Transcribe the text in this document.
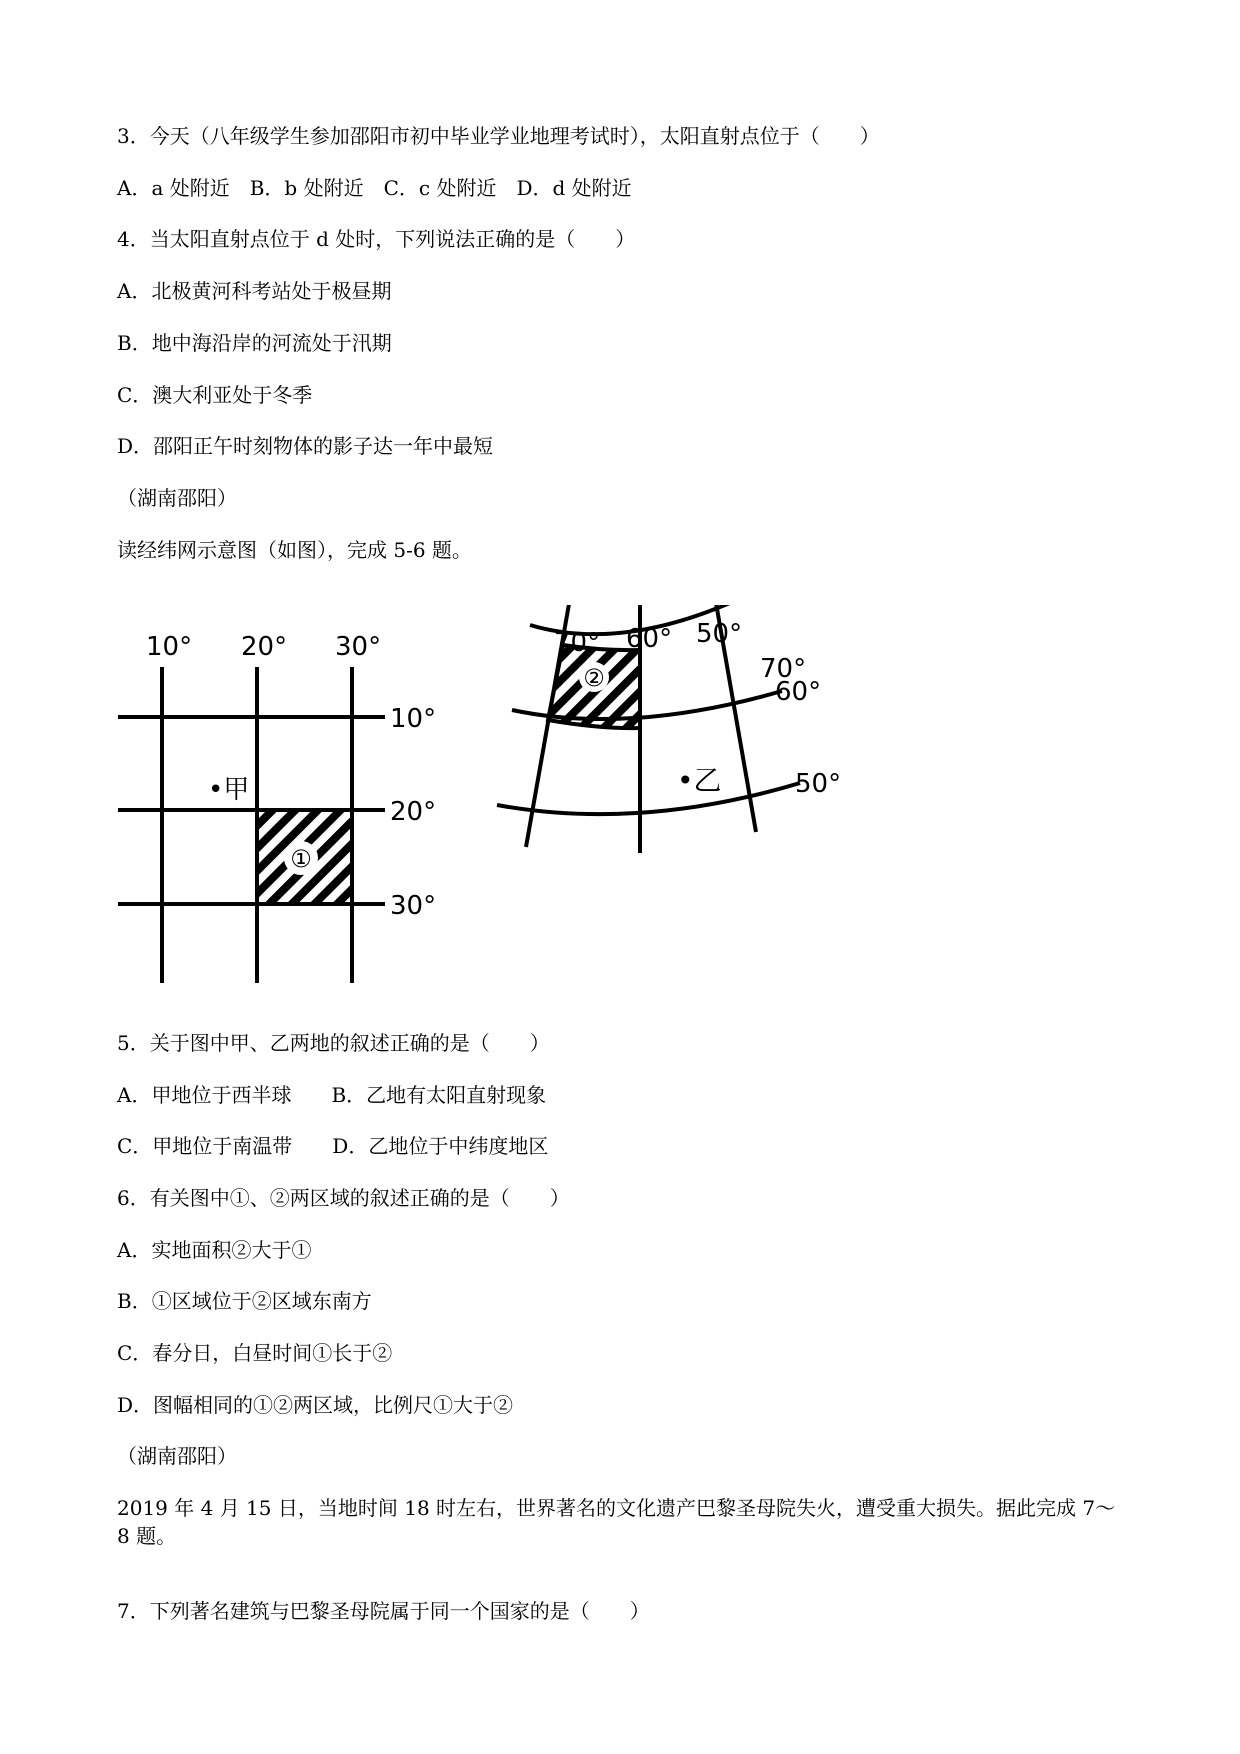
3．今天（八年级学生参加邵阳市初中毕业学业地理考试时），太阳直射点位于（　　）
A．a 处附近　B．b 处附近　C．c 处附近　D．d 处附近
4．当太阳直射点位于 d 处时，下列说法正确的是（　　）
A．北极黄河科考站处于极昼期
B．地中海沿岸的河流处于汛期
C．澳大利亚处于冬季
D．邵阳正午时刻物体的影子达一年中最短
（湖南邵阳）
读经纬网示意图（如图），完成 5-6 题。
①
10° 20° 30°
10°
20°
30°
•甲
②
70° 60° 50°
70°
60°
50°
•乙
5．关于图中甲、乙两地的叙述正确的是（　　）
A．甲地位于西半球　　B．乙地有太阳直射现象
C．甲地位于南温带　　D．乙地位于中纬度地区
6．有关图中①、②两区域的叙述正确的是（　　）
A．实地面积②大于①
B．①区域位于②区域东南方
C．春分日，白昼时间①长于②
D．图幅相同的①②两区域，比例尺①大于②
（湖南邵阳）
2019 年 4 月 15 日，当地时间 18 时左右，世界著名的文化遗产巴黎圣母院失火，遭受重大损失。据此完成 7～8 题。
7．下列著名建筑与巴黎圣母院属于同一个国家的是（　　）
